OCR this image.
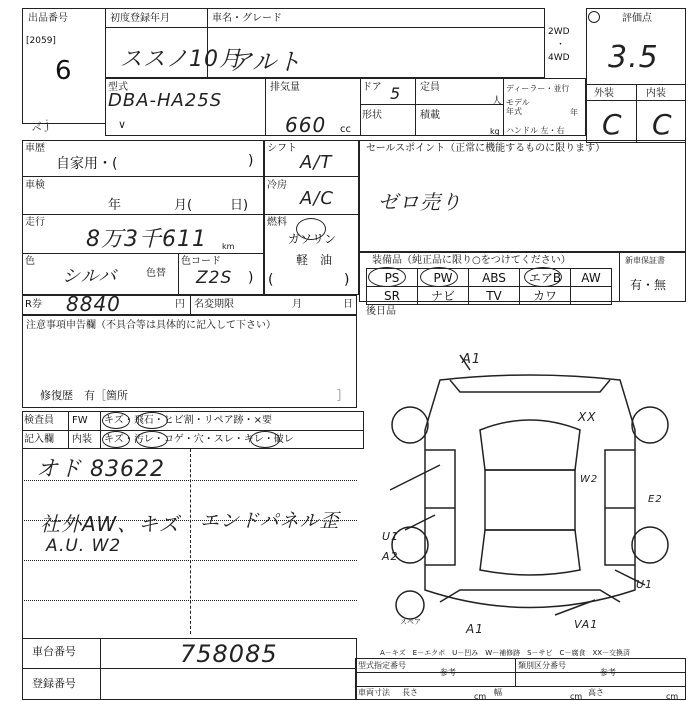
出品番号
[2059]
6
ペ゙ｊ
初度登録年月
ススノ10月
車名・グレード
アルト
2WD
・
4WD
評価点
3.5
外装	内装
C C
型式
DBA-HA25S
∨
排気量
660 cc
ドア 5 定員
人
形状	積載
kg
ディーラー・並行
モデル
年式	年
ハンドル 左・右
車歴
自家用・(	)
車検
年	月(	日)
走行
8万3千611 km
色
シルバ	色替
色コード
Z2S )
R券 8840	円 名変期限	月	日
シフト
A/T
冷房
A/C
燃料
ガソリン
軽　油
(	)
セールスポイント（正常に機能するものに限ります）
ゼロ売り
装備品（純正品に限り○をつけてください）	新車保証書
有・無
PS	PW	ABS	エアB	AW
SR	ナビ	TV	カワ	
後日品
注意事項申告欄（不具合等は具体的に記入して下さい）
修復歴　有［箇所	］
検査員 FW キズ・飛石・ヒビ割・リペア跡・×要
記入欄 内装 キズ・汚レ・コゲ・穴・スレ・キレ・破レ
オド 83622
社外AW、キズ
A.U. W2
エンドパネル歪
A1
XX
W2
E2
U1
A2
U1
A1	VA1
スペア
A－キズ　E－エクボ　U－凹み　W－補修跡　S－サビ　C－腐食　XX－交換済
車台番号	758085
登録番号
型式指定番号
参考
類別区分番号
参考
車両寸法 長さ	cm 幅	cm 高さ	cm
